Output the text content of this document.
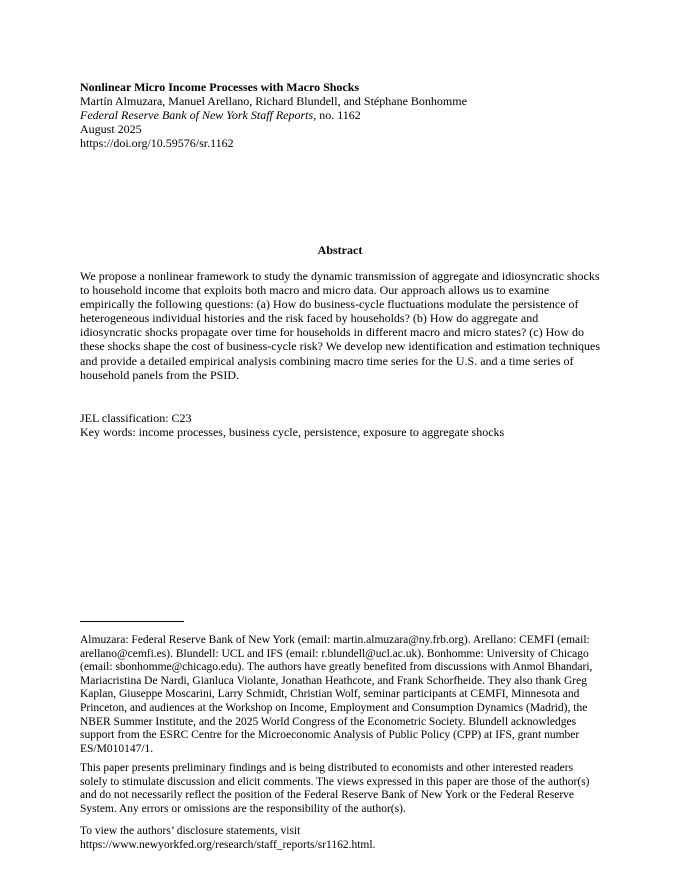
Nonlinear Micro Income Processes with Macro Shocks
Martín Almuzara, Manuel Arellano, Richard Blundell, and Stéphane Bonhomme
Federal Reserve Bank of New York Staff Reports, no. 1162
August 2025
https://doi.org/10.59576/sr.1162
Abstract

We propose a nonlinear framework to study the dynamic transmission of aggregate and idiosyncratic shocks to household income that exploits both macro and micro data. Our approach allows us to examine empirically the following questions: (a) How do business-cycle fluctuations modulate the persistence of heterogeneous individual histories and the risk faced by households? (b) How do aggregate and idiosyncratic shocks propagate over time for households in different macro and micro states? (c) How do these shocks shape the cost of business-cycle risk? We develop new identification and estimation techniques and provide a detailed empirical analysis combining macro time series for the U.S. and a time series of household panels from the PSID.

JEL classification: C23
Key words: income processes, business cycle, persistence, exposure to aggregate shocks

Almuzara: Federal Reserve Bank of New York (email: martin.almuzara@ny.frb.org). Arellano: CEMFI (email: arellano@cemfi.es). Blundell: UCL and IFS (email: r.blundell@ucl.ac.uk). Bonhomme: University of Chicago (email: sbonhomme@chicago.edu). The authors have greatly benefited from discussions with Anmol Bhandari, Mariacristina De Nardi, Gianluca Violante, Jonathan Heathcote, and Frank Schorfheide. They also thank Greg Kaplan, Giuseppe Moscarini, Larry Schmidt, Christian Wolf, seminar participants at CEMFI, Minnesota and Princeton, and audiences at the Workshop on Income, Employment and Consumption Dynamics (Madrid), the NBER Summer Institute, and the 2025 World Congress of the Econometric Society. Blundell acknowledges support from the ESRC Centre for the Microeconomic Analysis of Public Policy (CPP) at IFS, grant number ES/M010147/1.

This paper presents preliminary findings and is being distributed to economists and other interested readers solely to stimulate discussion and elicit comments. The views expressed in this paper are those of the author(s) and do not necessarily reflect the position of the Federal Reserve Bank of New York or the Federal Reserve System. Any errors or omissions are the responsibility of the author(s).

To view the authors’ disclosure statements, visit
https://www.newyorkfed.org/research/staff_reports/sr1162.html.
